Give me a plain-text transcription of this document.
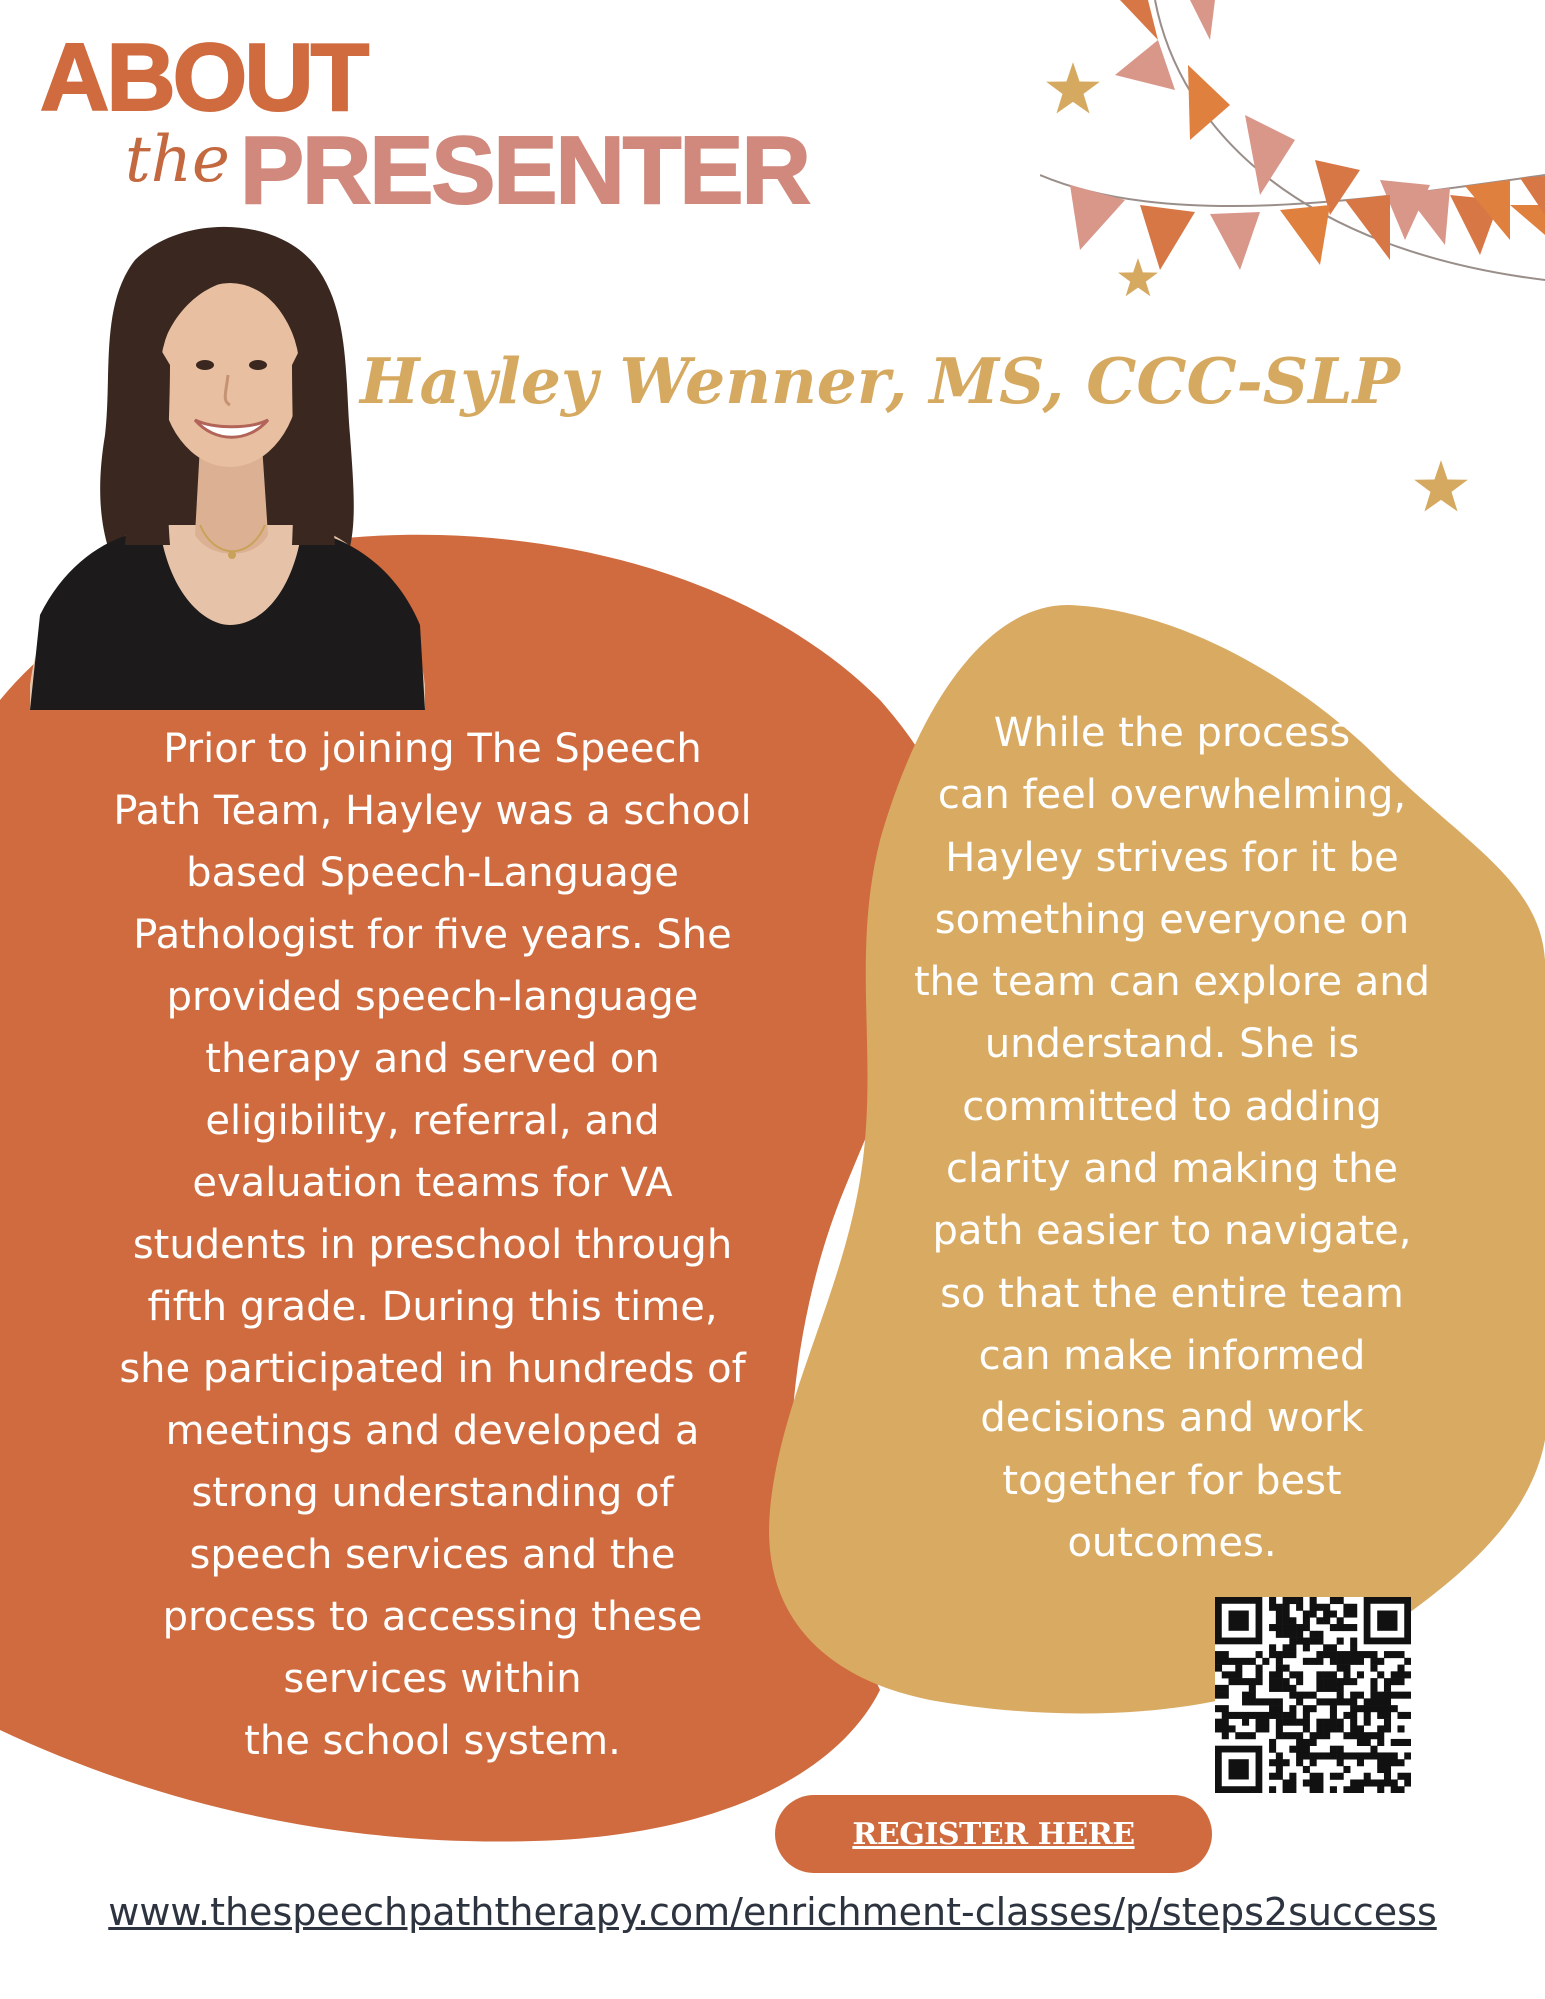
ABOUT
the PRESENTER
Hayley Wenner, MS, CCC-SLP
Prior to joining The Speech
Path Team, Hayley was a school
based Speech-Language
Pathologist for five years. She
provided speech-language
therapy and served on
eligibility, referral, and
evaluation teams for VA
students in preschool through
fifth grade. During this time,
she participated in hundreds of
meetings and developed a
strong understanding of
speech services and the
process to accessing these
services within
the school system.
While the process
can feel overwhelming,
Hayley strives for it be
something everyone on
the team can explore and
understand. She is
committed to adding
clarity and making the
path easier to navigate,
so that the entire team
can make informed
decisions and work
together for best
outcomes.
REGISTER HERE
www.thespeechpaththerapy.com/enrichment-classes/p/steps2success
